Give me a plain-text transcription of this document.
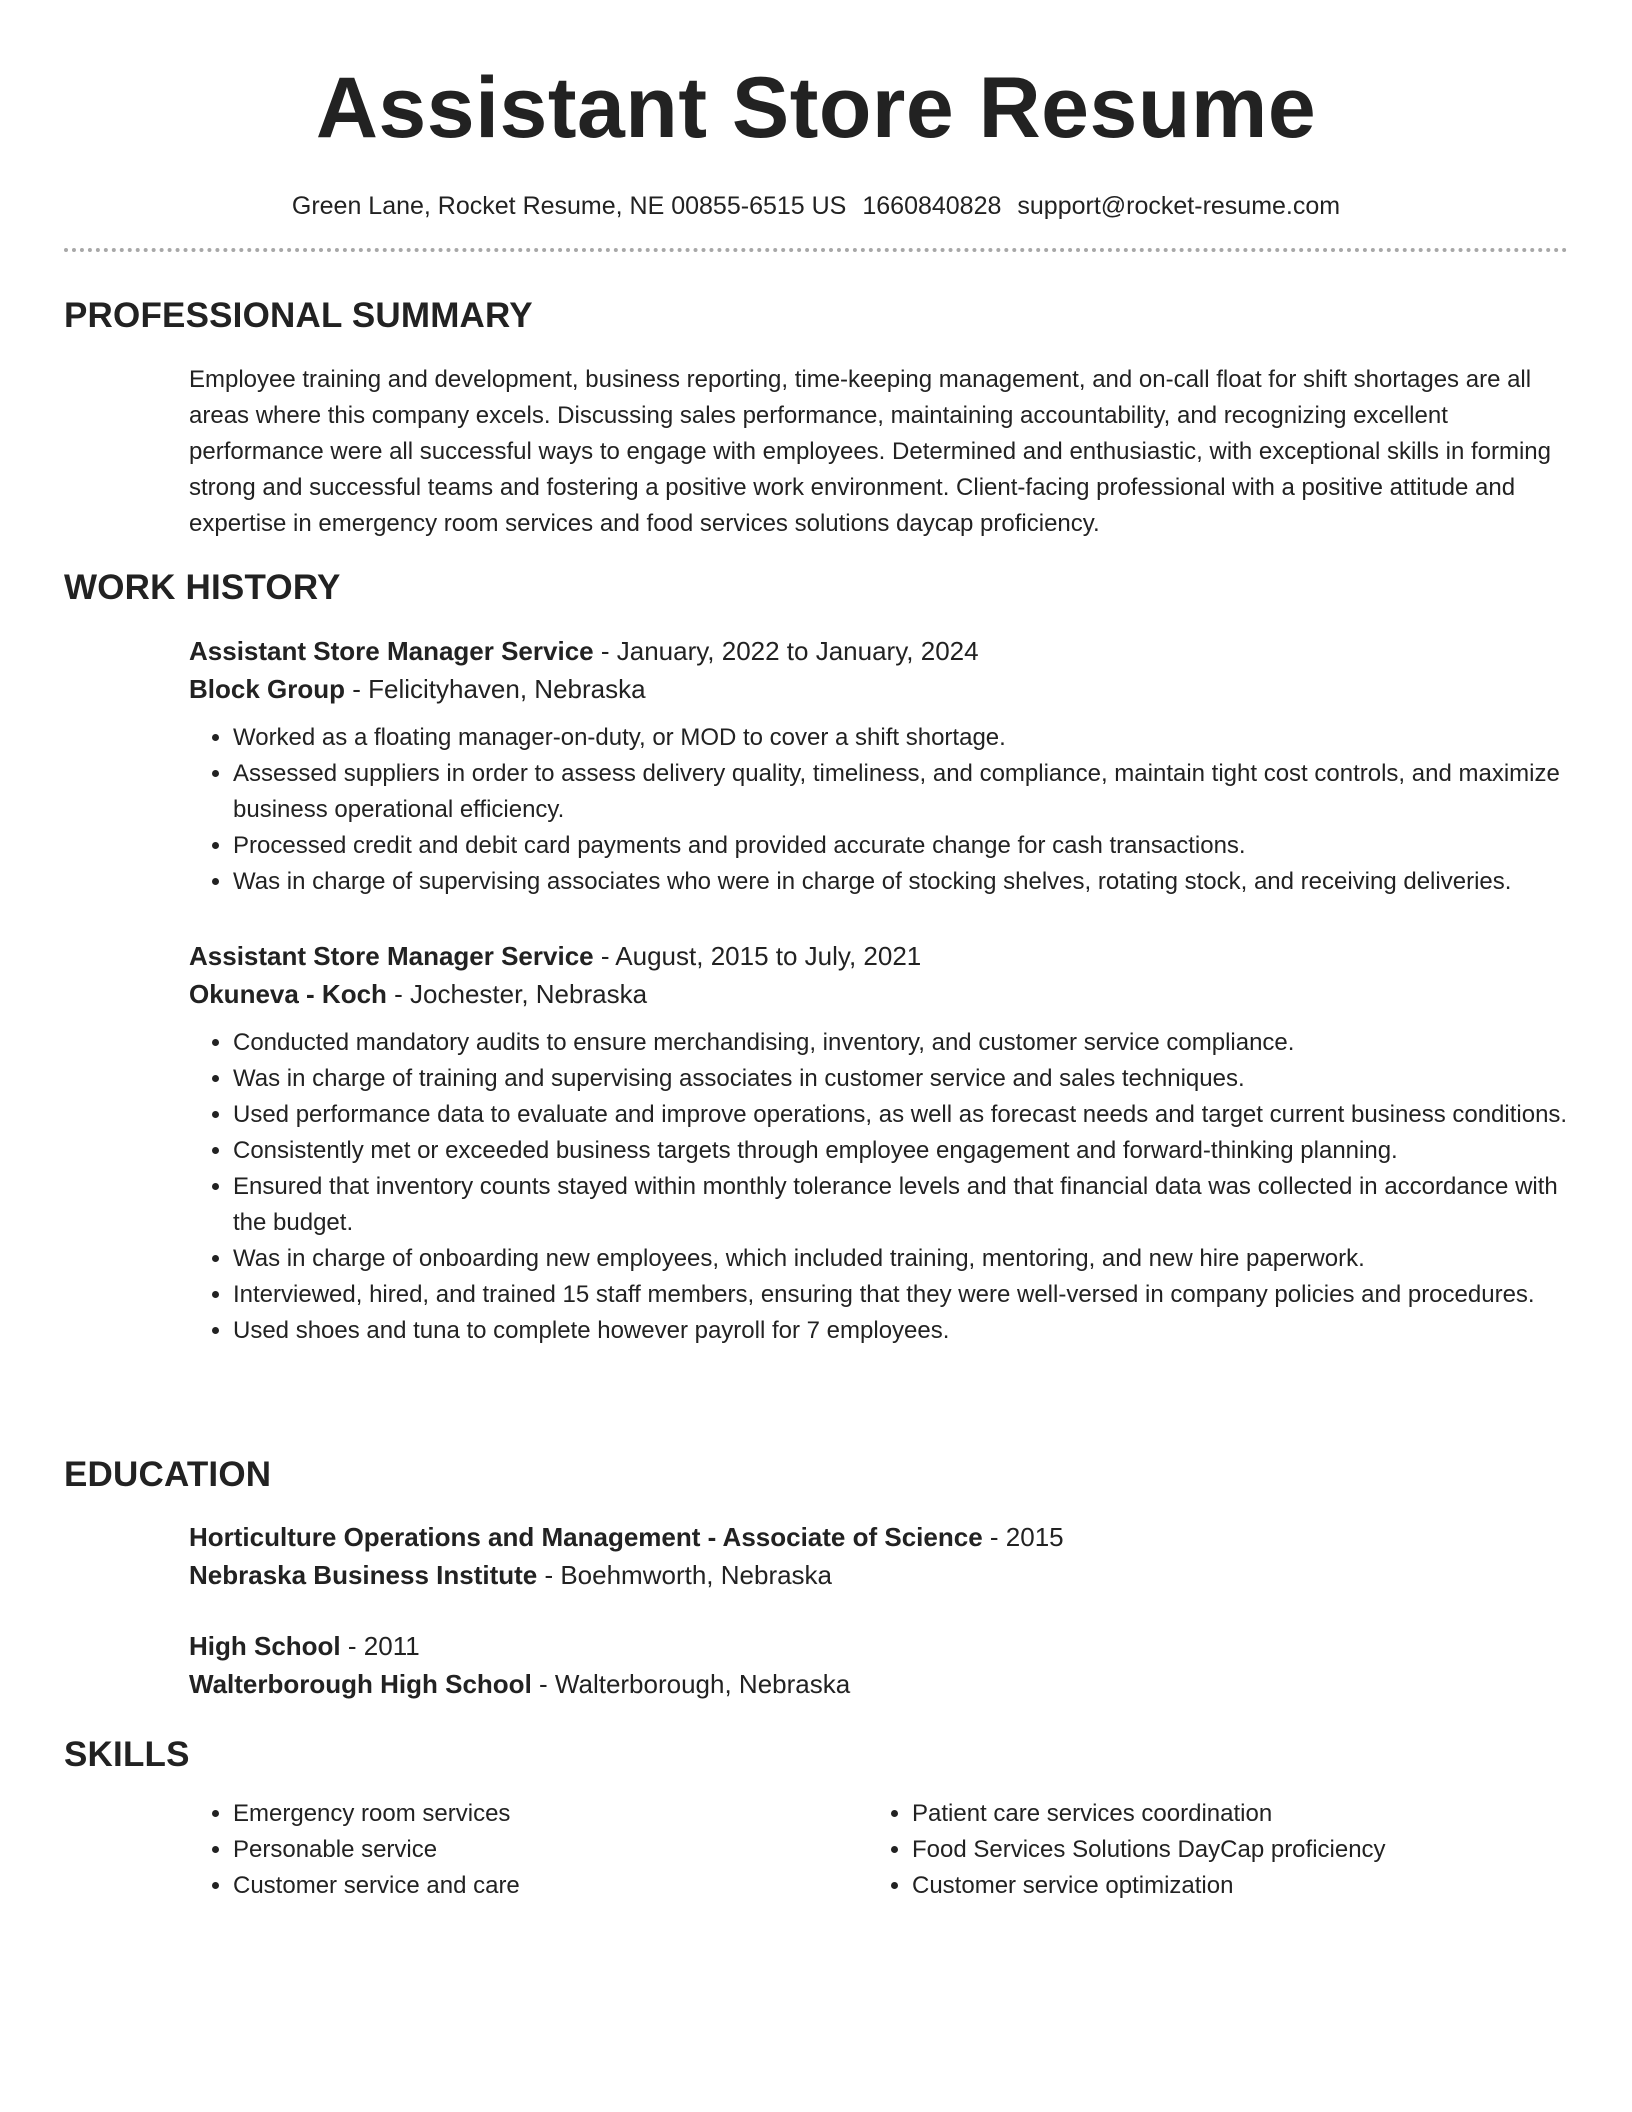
Assistant Store Resume
Green Lane, Rocket Resume, NE 00855-6515 US 1660840828 support@rocket-resume.com
PROFESSIONAL SUMMARY
Employee training and development, business reporting, time-keeping management, and on-call float for shift shortages are all areas where this company excels. Discussing sales performance, maintaining accountability, and recognizing excellent performance were all successful ways to engage with employees. Determined and enthusiastic, with exceptional skills in forming strong and successful teams and fostering a positive work environment. Client-facing professional with a positive attitude and expertise in emergency room services and food services solutions daycap proficiency.
WORK HISTORY
Assistant Store Manager Service - January, 2022 to January, 2024
Block Group - Felicityhaven, Nebraska
• Worked as a floating manager-on-duty, or MOD to cover a shift shortage.
• Assessed suppliers in order to assess delivery quality, timeliness, and compliance, maintain tight cost controls, and maximize business operational efficiency.
• Processed credit and debit card payments and provided accurate change for cash transactions.
• Was in charge of supervising associates who were in charge of stocking shelves, rotating stock, and receiving deliveries.
Assistant Store Manager Service - August, 2015 to July, 2021
Okuneva - Koch - Jochester, Nebraska
• Conducted mandatory audits to ensure merchandising, inventory, and customer service compliance.
• Was in charge of training and supervising associates in customer service and sales techniques.
• Used performance data to evaluate and improve operations, as well as forecast needs and target current business conditions.
• Consistently met or exceeded business targets through employee engagement and forward-thinking planning.
• Ensured that inventory counts stayed within monthly tolerance levels and that financial data was collected in accordance with the budget.
• Was in charge of onboarding new employees, which included training, mentoring, and new hire paperwork.
• Interviewed, hired, and trained 15 staff members, ensuring that they were well-versed in company policies and procedures.
• Used shoes and tuna to complete however payroll for 7 employees.
EDUCATION
Horticulture Operations and Management - Associate of Science - 2015
Nebraska Business Institute - Boehmworth, Nebraska
High School - 2011
Walterborough High School - Walterborough, Nebraska
SKILLS
• Emergency room services
• Personable service
• Customer service and care
• Patient care services coordination
• Food Services Solutions DayCap proficiency
• Customer service optimization
